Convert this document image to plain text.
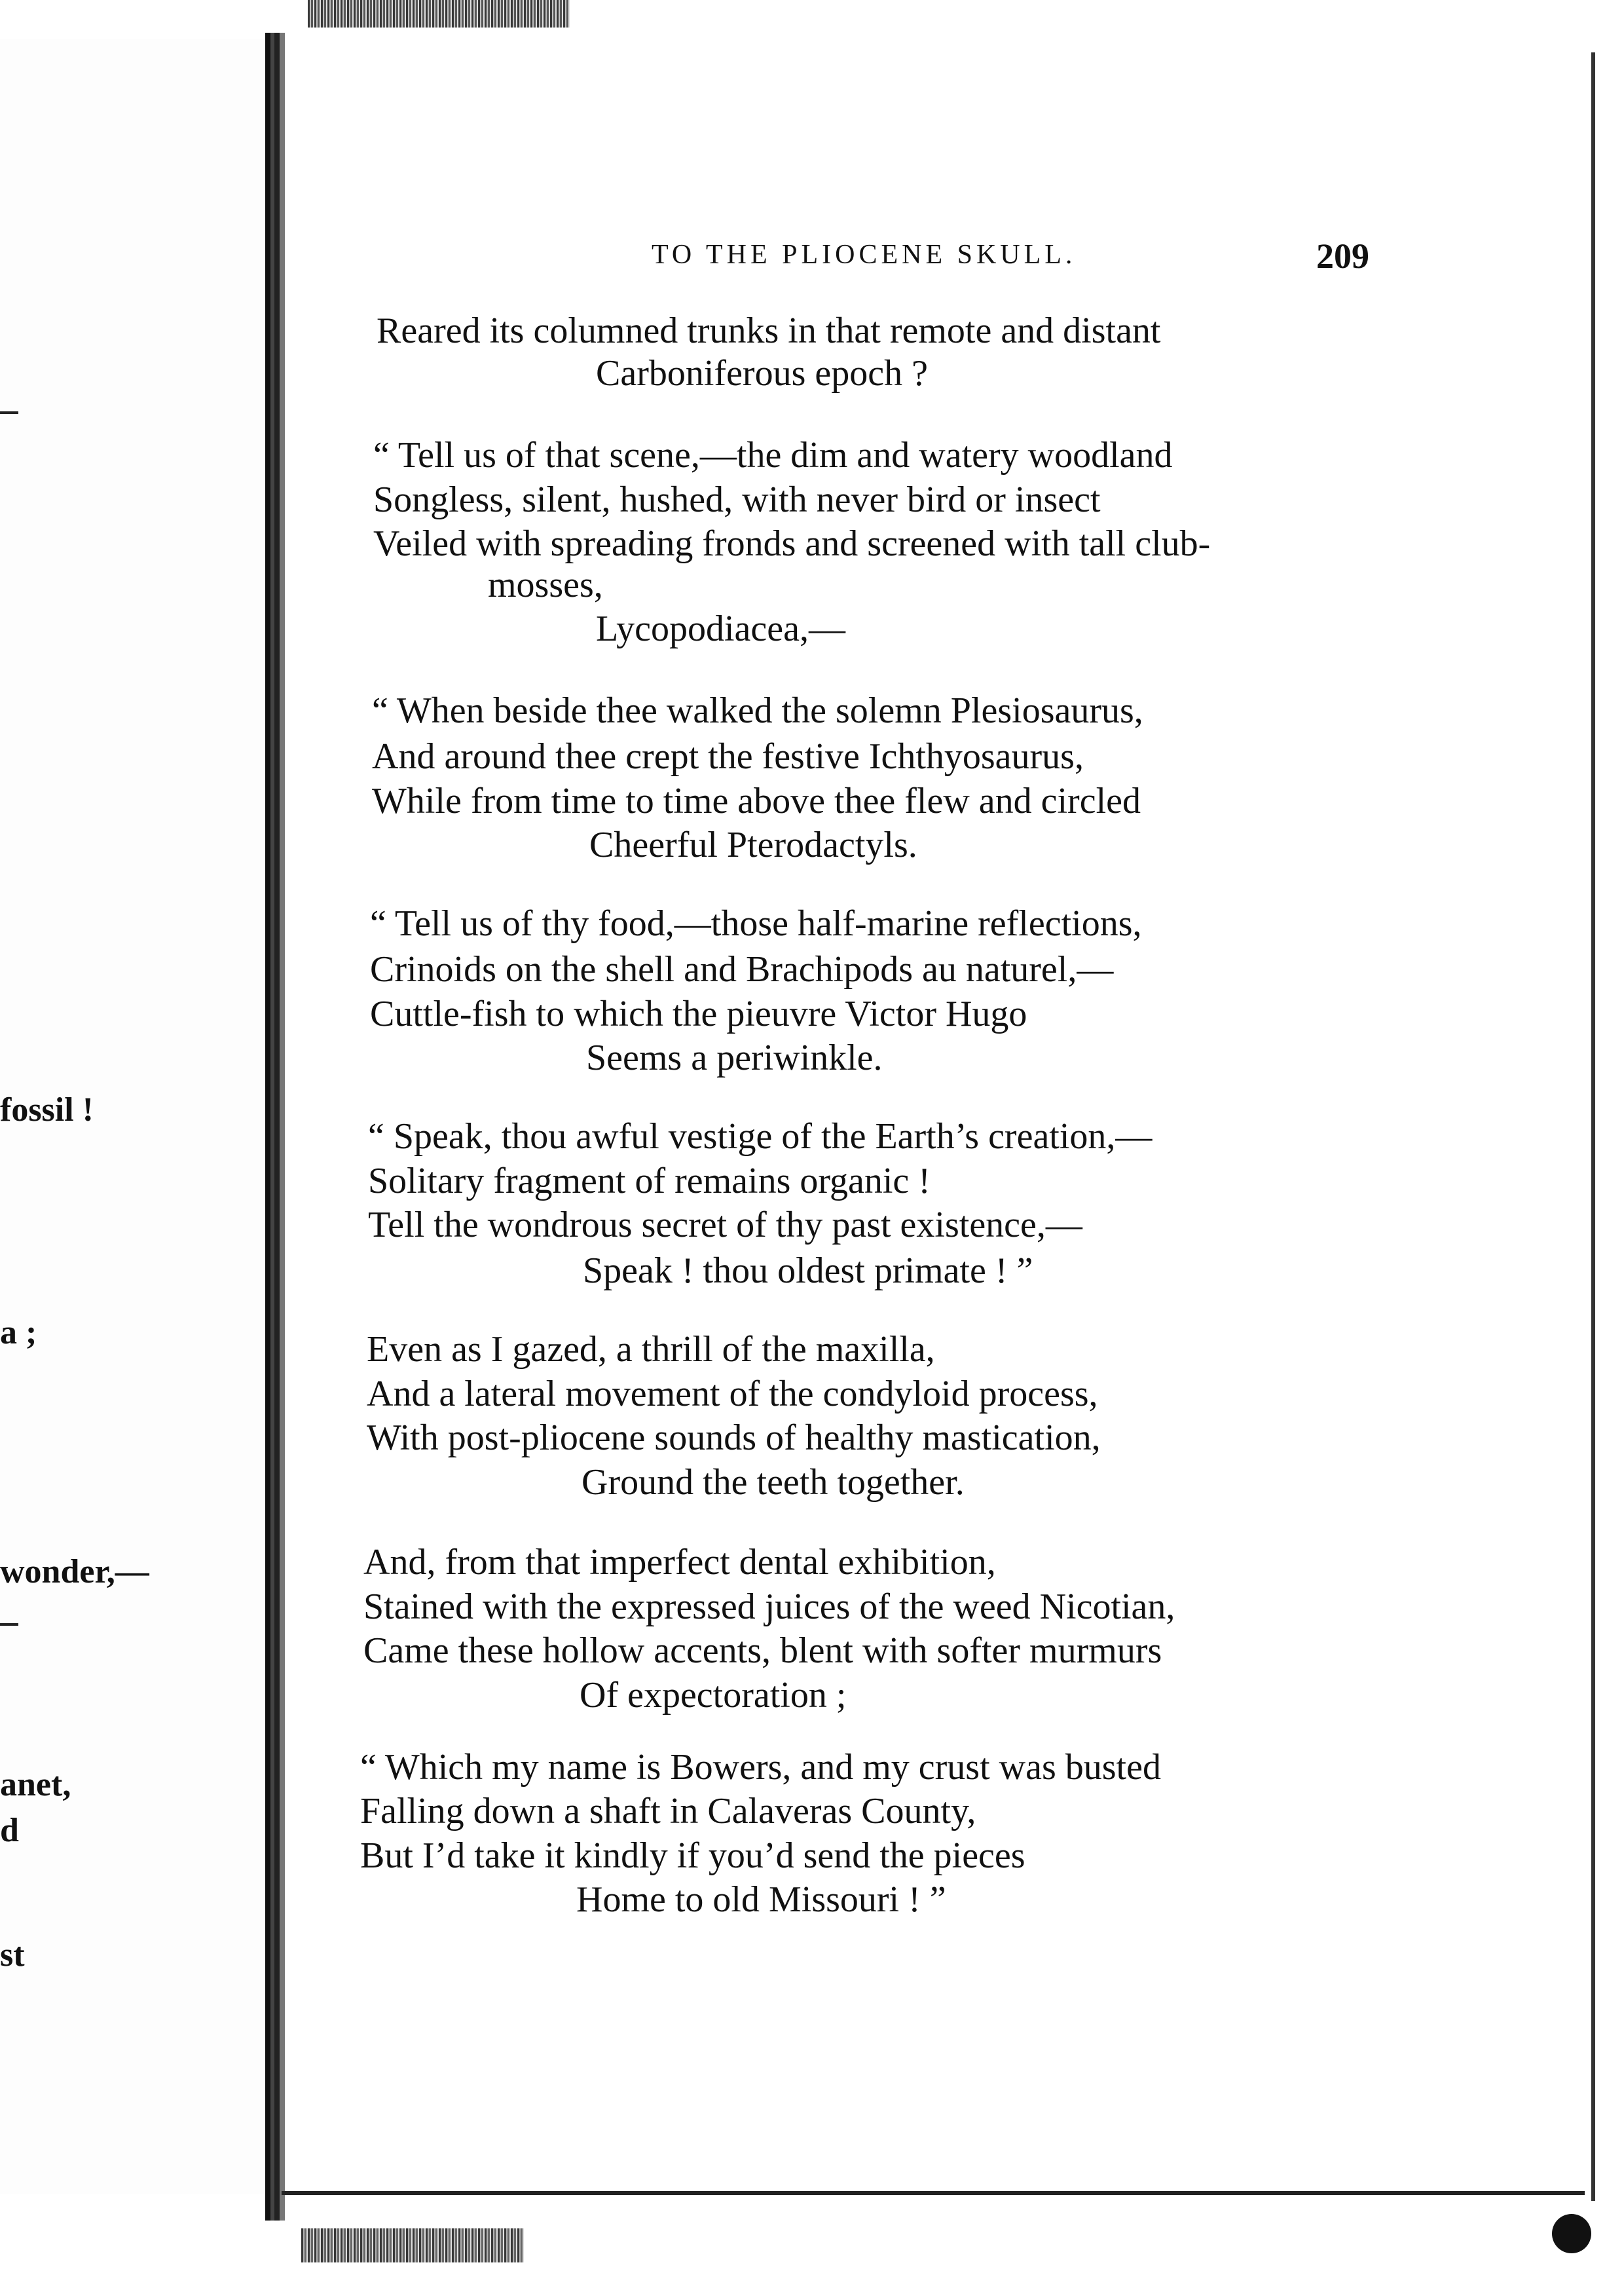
fossil !
a ;
wonder,—
anet,
d
st
TO THE PLIOCENE SKULL.	209
Reared its columned trunks in that remote and distant
Carboniferous epoch ?
“ Tell us of that scene,—the dim and watery woodland
Songless, silent, hushed, with never bird or insect
Veiled with spreading fronds and screened with tall club-
mosses,
Lycopodiacea,—
“ When beside thee walked the solemn Plesiosaurus,
And around thee crept the festive Ichthyosaurus,
While from time to time above thee flew and circled
Cheerful Pterodactyls.
“ Tell us of thy food,—those half-marine reflections,
Crinoids on the shell and Brachipods au naturel,—
Cuttle-fish to which the pieuvre Victor Hugo
Seems a periwinkle.
“ Speak, thou awful vestige of the Earth’s creation,—
Solitary fragment of remains organic !
Tell the wondrous secret of thy past existence,—
Speak ! thou oldest primate ! ”
Even as I gazed, a thrill of the maxilla,
And a lateral movement of the condyloid process,
With post-pliocene sounds of healthy mastication,
Ground the teeth together.
And, from that imperfect dental exhibition,
Stained with the expressed juices of the weed Nicotian,
Came these hollow accents, blent with softer murmurs
Of expectoration ;
“ Which my name is Bowers, and my crust was busted
Falling down a shaft in Calaveras County,
But I’d take it kindly if you’d send the pieces
Home to old Missouri ! ”
